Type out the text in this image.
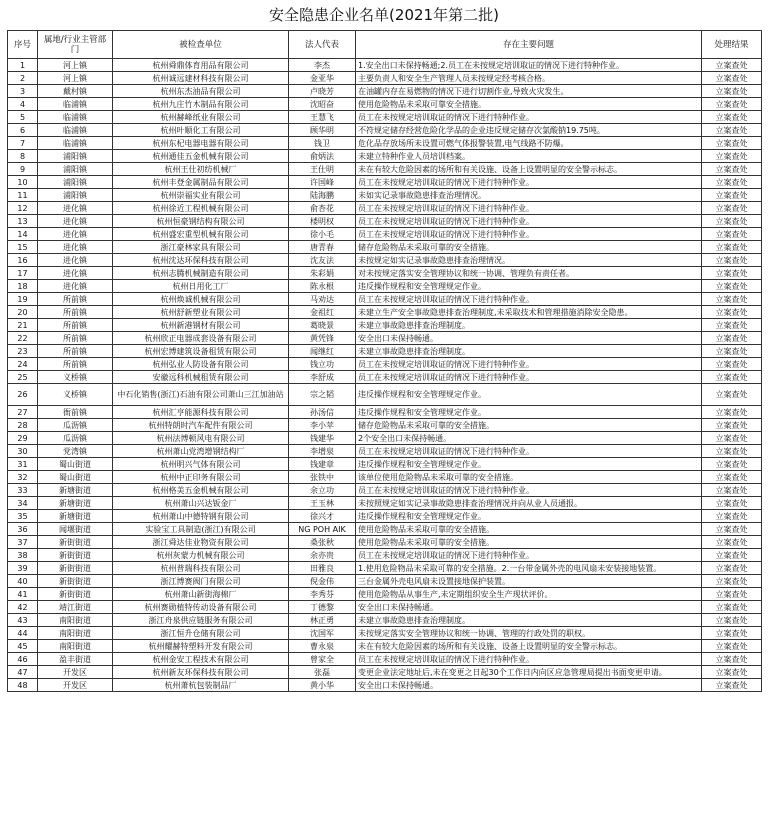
安全隐患企业名单(2021年第二批)
序号	属地/行业主管部门	被检查单位	法人代表	存在主要问题	处理结果
1	河上镇	杭州舜鼎体育用品有限公司	李杰	1.安全出口未保持畅通;2.员工在未按规定培训取证的情况下进行特种作业。	立案查处
2	河上镇	杭州诚远建材科技有限公司	金亚华	主要负责人和安全生产管理人员未按规定经考核合格。	立案查处
3	戴村镇	杭州东杰油品有限公司	卢晓芳	在油罐内存在易燃物的情况下进行切割作业,导致火灾发生。	立案查处
4	临浦镇	杭州九庄竹木制品有限公司	沈昭奋	使用危险物品未采取可靠安全措施。	立案查处
5	临浦镇	杭州赫峰纸业有限公司	王慧飞	员工在未按规定培训取证的情况下进行特种作业。	立案查处
6	临浦镇	杭州叶顺化工有限公司	顾华明	不符规定储存经营危险化学品的企业违反规定储存次氯酸钠19.75吨。	立案查处
7	临浦镇	杭州东杞电器电器有限公司	钱卫	危化品存放场所未设置可燃气体报警装置,电气线路不防爆。	立案查处
8	浦阳镇	杭州通佳五金机械有限公司	俞炳法	未建立特种作业人员培训档案。	立案查处
9	浦阳镇	杭州王仕初纺机械厂	王仕明	未在有较大危险因素的场所和有关设施、设备上设置明显的安全警示标志。	立案查处
10	浦阳镇	杭州丰登金属制品有限公司	许国峰	员工在未按规定培训取证的情况下进行特种作业。	立案查处
11	浦阳镇	杭州崇福实业有限公司	陆海鹏	未如实记录事故隐患排查治理情况。	立案查处
12	进化镇	杭州徐近工程机械有限公司	俞杏花	员工在未按规定培训取证的情况下进行特种作业。	立案查处
13	进化镇	杭州恒豪钢结构有限公司	楼明权	员工在未按规定培训取证的情况下进行特种作业。	立案查处
14	进化镇	杭州盛宏重型机械有限公司	徐小毛	员工在未按规定培训取证的情况下进行特种作业。	立案查处
15	进化镇	浙江豪林家具有限公司	唐青春	储存危险物品未采取可靠的安全措施。	立案查处
16	进化镇	杭州沈达环保科技有限公司	沈友法	未按规定如实记录事故隐患排查治理情况。	立案查处
17	进化镇	杭州志腾机械制造有限公司	朱彩娟	对未按规定落实安全管理协议和统一协调、管理负有责任者。	立案查处
18	进化镇	杭州日用化工厂	陈永根	违反操作规程和安全管理规定作业。	立案查处
19	所前镇	杭州焕诚机械有限公司	马劝达	员工在未按规定培训取证的情况下进行特种作业。	立案查处
20	所前镇	杭州舒新塑业有限公司	金祖红	未建立生产安全事故隐患排查治理制度,未采取技术和管理措施消除安全隐患。	立案查处
21	所前镇	杭州新港钢材有限公司	葛晓景	未建立事故隐患排查治理制度。	立案查处
22	所前镇	杭州欣正电器成套设备有限公司	黄凭锋	安全出口未保持畅通。	立案查处
23	所前镇	杭州宏博建筑设备租赁有限公司	闻继红	未建立事故隐患排查治理制度。	立案查处
24	所前镇	杭州弘业人防设备有限公司	钱立功	员工在未按规定培训取证的情况下进行特种作业。	立案查处
25	义桥镇	安徽远科机械租赁有限公司	李舒成	员工在未按规定培训取证的情况下进行特种作业。	立案查处
26	义桥镇	中石化销售(浙江)石油有限公司萧山三江加油站	宗之韬	违反操作规程和安全管理规定作业。	立案查处
27	衙前镇	杭州汇亨能源科技有限公司	孙汤信	违反操作规程和安全管理规定作业。	立案查处
28	瓜沥镇	杭州特朗时汽车配件有限公司	李小苹	储存危险物品未采取可靠的安全措施。	立案查处
29	瓜沥镇	杭州法博顿风电有限公司	钱建华	2个安全出口未保持畅通。	立案查处
30	党湾镇	杭州萧山党湾增钢结构厂	李增泉	员工在未按规定培训取证的情况下进行特种作业。	立案查处
31	蜀山街道	杭州明兴气体有限公司	钱建章	违反操作规程和安全管理规定作业。	立案查处
32	蜀山街道	杭州中正印务有限公司	张铁中	该单位使用危险物品未采取可靠的安全措施。	立案查处
33	新塘街道	杭州格美五金机械有限公司	余立功	员工在未按规定培训取证的情况下进行特种作业。	立案查处
34	新塘街道	杭州萧山兴达钣金厂	王玉林	未按照规定如实记录事故隐患排查治理情况并向从业人员通报。	立案查处
35	新塘街道	杭州萧山中德特钢有限公司	徐兴才	违反操作规程和安全管理规定作业。	立案查处
36	闻堰街道	实验宝工具制造(浙江)有限公司	NG POH AIK	使用危险物品未采取可靠的安全措施。	立案查处
37	新街街道	浙江舜达佳业物资有限公司	桑张秋	使用危险物品未采取可靠的安全措施。	立案查处
38	新街街道	杭州灰蒙力机械有限公司	余亦贵	员工在未按规定培训取证的情况下进行特种作业。	立案查处
39	新街街道	杭州普瑞科技有限公司	田雅良	1.使用危险物品未采取可靠的安全措施。2.一台带金属外壳的电风扇未安装接地装置。	立案查处
40	新街街道	浙江博赛阀门有限公司	倪金伟	三台金属外壳电风扇未设置接地保护装置。	立案查处
41	新街街道	杭州萧山新街海棉厂	李秀芬	使用危险物品从事生产,未定期组织安全生产现状评价。	立案查处
42	靖江街道	杭州赛勋植特传动设备有限公司	丁德黎	安全出口未保持畅通。	立案查处
43	南阳街道	浙江舟泉供应链服务有限公司	林正勇	未建立事故隐患排查治理制度。	立案查处
44	南阳街道	浙江恒升仓储有限公司	沈国军	未按规定落实安全管理协议和统一协调、管理的行政处罚的职权。	立案查处
45	南阳街道	杭州耀赫特塑料开发有限公司	曹永泉	未在有较大危险因素的场所和有关设施、设备上设置明显的安全警示标志。	立案查处
46	盈丰街道	杭州金安工程技术有限公司	曾家全	员工在未按规定培训取证的情况下进行特种作业。	立案查处
47	开发区	杭州新友环保科技有限公司	张磊	变更企业法定地址后,未在变更之日起30个工作日内向区应急管理局提出书面变更申请。	立案查处
48	开发区	杭州萧杭包装制品厂	黄小华	安全出口未保持畅通。	立案查处
